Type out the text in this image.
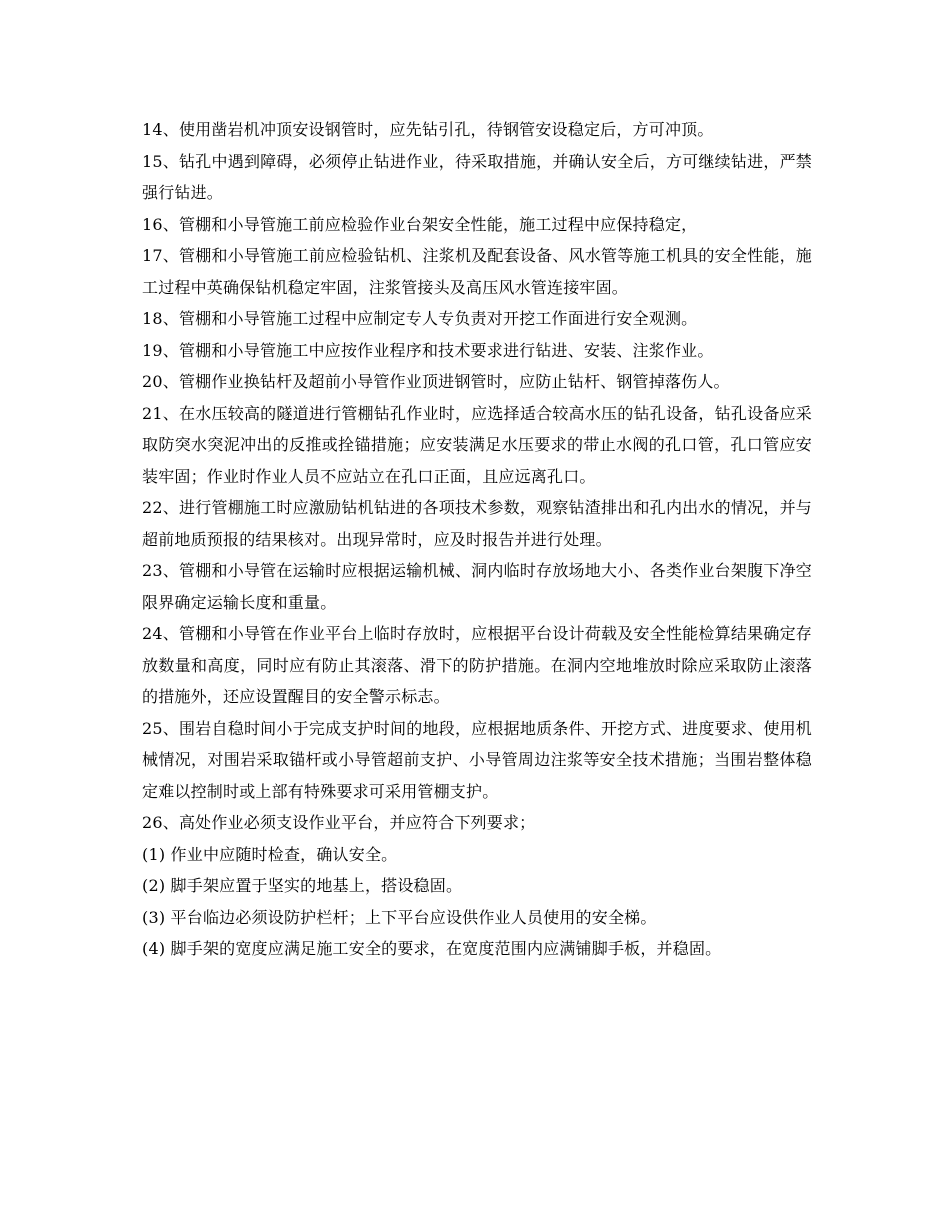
14、使用凿岩机冲顶安设钢管时，应先钻引孔，待钢管安设稳定后，方可冲顶。

15、钻孔中遇到障碍，必须停止钻进作业，待采取措施，并确认安全后，方可继续钻进，严禁强行钻进。

16、管棚和小导管施工前应检验作业台架安全性能，施工过程中应保持稳定，

17、管棚和小导管施工前应检验钻机、注浆机及配套设备、风水管等施工机具的安全性能，施工过程中英确保钻机稳定牢固，注浆管接头及高压风水管连接牢固。

18、管棚和小导管施工过程中应制定专人专负责对开挖工作面进行安全观测。

19、管棚和小导管施工中应按作业程序和技术要求进行钻进、安装、注浆作业。

20、管棚作业换钻杆及超前小导管作业顶进钢管时，应防止钻杆、钢管掉落伤人。

21、在水压较高的隧道进行管棚钻孔作业时，应选择适合较高水压的钻孔设备，钻孔设备应采取防突水突泥冲出的反推或拴锚措施；应安装满足水压要求的带止水阀的孔口管，孔口管应安装牢固；作业时作业人员不应站立在孔口正面，且应远离孔口。

22、进行管棚施工时应激励钻机钻进的各项技术参数，观察钻渣排出和孔内出水的情况，并与超前地质预报的结果核对。出现异常时，应及时报告并进行处理。

23、管棚和小导管在运输时应根据运输机械、洞内临时存放场地大小、各类作业台架腹下净空限界确定运输长度和重量。

24、管棚和小导管在作业平台上临时存放时，应根据平台设计荷载及安全性能检算结果确定存放数量和高度，同时应有防止其滚落、滑下的防护措施。在洞内空地堆放时除应采取防止滚落的措施外，还应设置醒目的安全警示标志。

25、围岩自稳时间小于完成支护时间的地段，应根据地质条件、开挖方式、进度要求、使用机械情况，对围岩采取锚杆或小导管超前支护、小导管周边注浆等安全技术措施；当围岩整体稳定难以控制时或上部有特殊要求可采用管棚支护。

26、高处作业必须支设作业平台，并应符合下列要求；

(1) 作业中应随时检查，确认安全。

(2) 脚手架应置于坚实的地基上，搭设稳固。

(3) 平台临边必须设防护栏杆；上下平台应设供作业人员使用的安全梯。

(4) 脚手架的宽度应满足施工安全的要求，在宽度范围内应满铺脚手板，并稳固。
